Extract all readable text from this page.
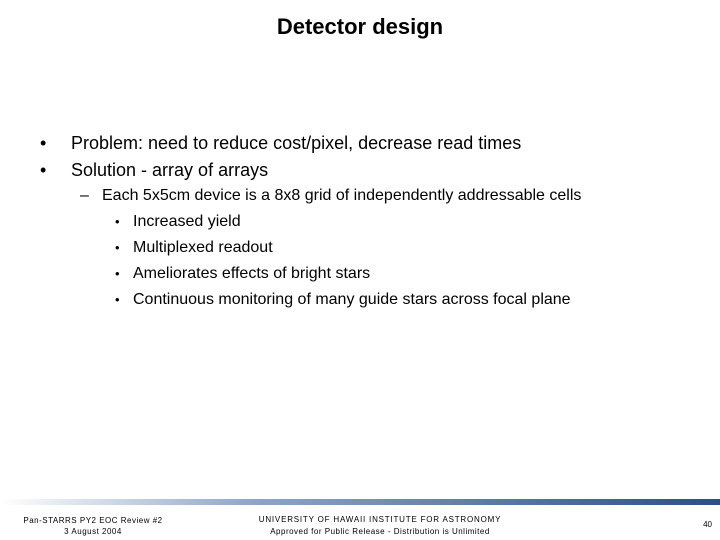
Detector design
• Problem: need to reduce cost/pixel, decrease read times
• Solution - array of arrays
– Each 5x5cm device is a 8x8 grid of independently addressable cells
• Increased yield
• Multiplexed readout
• Ameliorates effects of bright stars
• Continuous monitoring of many guide stars across focal plane
Pan-STARRS PY2 EOC Review #2
3 August 2004
UNIVERSITY OF HAWAII INSTITUTE FOR ASTRONOMY
Approved for Public Release - Distribution is Unlimited
40
